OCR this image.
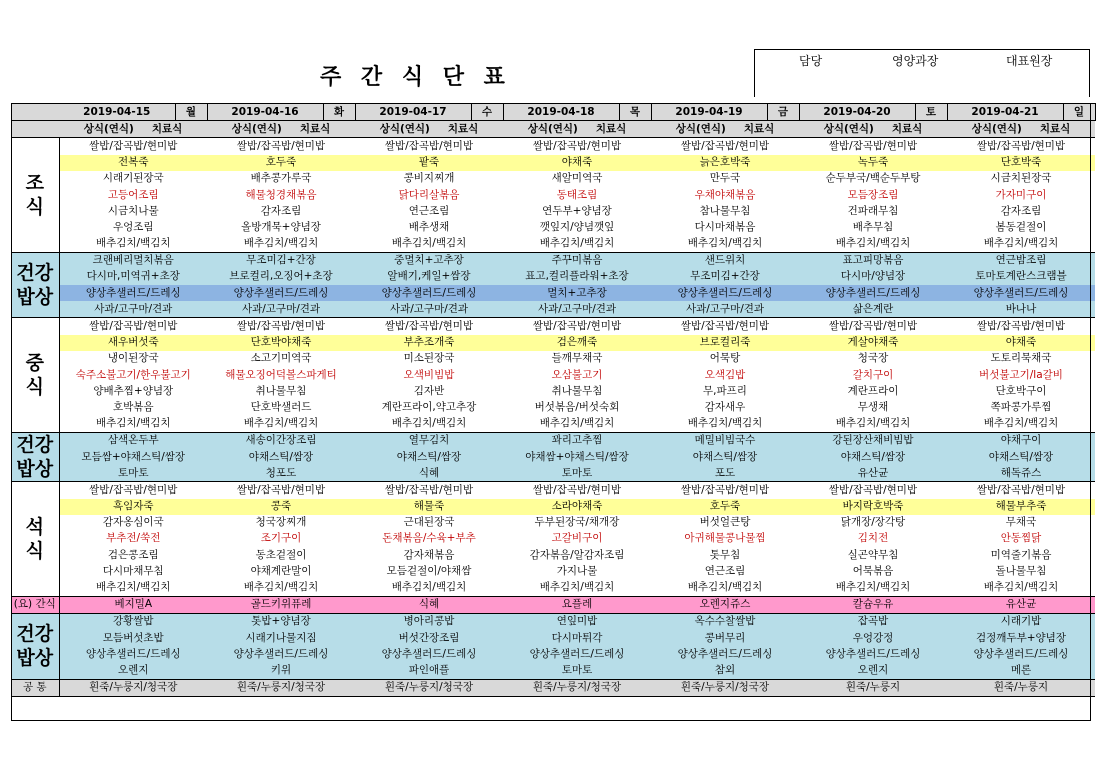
주 간 식 단 표
담당	영양과장	대표원장
	2019-04-15	월	2019-04-16	화	2019-04-17	수	2019-04-18	목	2019-04-19	금	2019-04-20	토	2019-04-21	일
	상식(연식) 치료식		상식(연식) 치료식		상식(연식) 치료식		상식(연식) 치료식		상식(연식) 치료식		상식(연식) 치료식		상식(연식) 치료식	

조
식	쌀밥/잡곡밥/현미밥		쌀밥/잡곡밥/현미밥		쌀밥/잡곡밥/현미밥		쌀밥/잡곡밥/현미밥		쌀밥/잡곡밥/현미밥		쌀밥/잡곡밥/현미밥		쌀밥/잡곡밥/현미밥	
	전복죽		호두죽		팥죽		야채죽		늙은호박죽		녹두죽		단호박죽	
	시래기된장국		배추콩가루국		콩비지찌개		새알미역국		만두국		순두부국/백순두부탕		시금치된장국	
	고등어조림		해물청경채볶음		닭다리살볶음		동태조림		우채야채볶음		모듬장조림		가자미구이	
	시금치나물		감자조림		연근조림		연두부+양념장		참나물무침		건파래무침		감자조림	
	우엉조림		올방개묵+양념장		배추생채		깻잎지/양념깻잎		다시마채볶음		배추무침		봄동겉절이	
	배추김치/백김치		배추김치/백김치		배추김치/백김치		배추김치/백김치		배추김치/백김치		배추김치/백김치		배추김치/백김치	

건강
밥상	크랜베리멸치볶음		무조미김+간장		중멸치+고추장		주꾸미볶음		샌드위치		표고피망볶음		연근밤조림	
	다시마,미역귀+초장		브로컬리,오징어+초장		알배기,케일+쌈장		표고,컬리플라워+초장		무조미김+간장		다시마/양념장		토마토계란스크램블	
	양상추샐러드/드레싱		양상추샐러드/드레싱		양상추샐러드/드레싱		멸치+고추장		양상추샐러드/드레싱		양상추샐러드/드레싱		양상추샐러드/드레싱	
	사과/고구마/견과		사과/고구마/견과		사과/고구마/견과		사과/고구마/견과		사과/고구마/견과		삶은계란		바나나	

중
식	쌀밥/잡곡밥/현미밥		쌀밥/잡곡밥/현미밥		쌀밥/잡곡밥/현미밥		쌀밥/잡곡밥/현미밥		쌀밥/잡곡밥/현미밥		쌀밥/잡곡밥/현미밥		쌀밥/잡곡밥/현미밥	
	새우버섯죽		단호박야채죽		부추조개죽		검은깨죽		브로컬리죽		게살야채죽		야채죽	
	냉이된장국		소고기미역국		미소된장국		들깨무채국		어묵탕		청국장		도토리묵채국	
	숙주소불고기/한우불고기		해물오징어덕볼스파게티		오색비빔밥		오삼불고기		오색김밥		갈치구이		버섯불고기/la갈비	
	양배추찜+양념장		취나물무침		김자반		취나물무침		무,파프리		계란프라이		단호박구이	
	호박볶음		단호박샐러드		계란프라이,약고추장		버섯볶음/버섯숙회		감자새우		무생채		쪽파콩가루찜	
	배추김치/백김치		배추김치/백김치		배추김치/백김치		배추김치/백김치		배추김치/백김치		배추김치/백김치		배추김치/백김치	

건강
밥상	삼색온두부		새송이간장조림		열무김치		꽈리고추찜		메밀비빔국수		강된장산채비빔밥		야채구이	
	모듬쌈+야채스틱/쌈장		야채스틱/쌈장		야채스틱/쌈장		야채쌈+야채스틱/쌈장		야채스틱/쌈장		야채스틱/쌈장		야채스틱/쌈장	
	토마토		청포도		식혜		토마토		포도		유산균		해독쥬스	

석
식	쌀밥/잡곡밥/현미밥		쌀밥/잡곡밥/현미밥		쌀밥/잡곡밥/현미밥		쌀밥/잡곡밥/현미밥		쌀밥/잡곡밥/현미밥		쌀밥/잡곡밥/현미밥		쌀밥/잡곡밥/현미밥	
	흑임자죽		콩죽		해물죽		소라야채죽		호두죽		바지락호박죽		해물부추죽	
	감자옹심이국		청국장찌개		근대된장국		두부된장국/채개장		버섯얼큰탕		닭개장/장각탕		무채국	
	부추전/쑥전		조기구이		돈채볶음/수육+부추		고갈비구이		아귀해물콩나물찜		김치전		안동찜닭	
	검은콩조림		동초겉절이		감자채볶음		감자볶음/알감자조림		톳무침		실곤약무침		미역줄기볶음	
	다시마채무침		야채계란말이		모듬겉절이/야채쌈		가지나물		연근조림		어묵볶음		돌나물무침	
	배추김치/백김치		배추김치/백김치		배추김치/백김치		배추김치/백김치		배추김치/백김치		배추김치/백김치		배추김치/백김치	
(요) 간식	베지밀A		골드키위퓨레		식혜		요플레		오렌지쥬스		칼슘우유		유산균	

건강
밥상	강황쌀밥		톳밥+양념장		병아리콩밥		연잎미밥		옥수수찰쌀밥		잡곡밥		시래기밥	
	모듬버섯초밥		시래기나물지짐		버섯간장조림		다시마튀각		콩버무리		우엉강정		검정깨두부+양념장	
	양상추샐러드/드레싱		양상추샐러드/드레싱		양상추샐러드/드레싱		양상추샐러드/드레싱		양상추샐러드/드레싱		양상추샐러드/드레싱		양상추샐러드/드레싱	
	오렌지		키위		파인애플		토마토		참외		오렌지		메론	
공 통	흰죽/누룽지/청국장		흰죽/누룽지/청국장		흰죽/누룽지/청국장		흰죽/누룽지/청국장		흰죽/누룽지/청국장		흰죽/누룽지		흰죽/누룽지	
